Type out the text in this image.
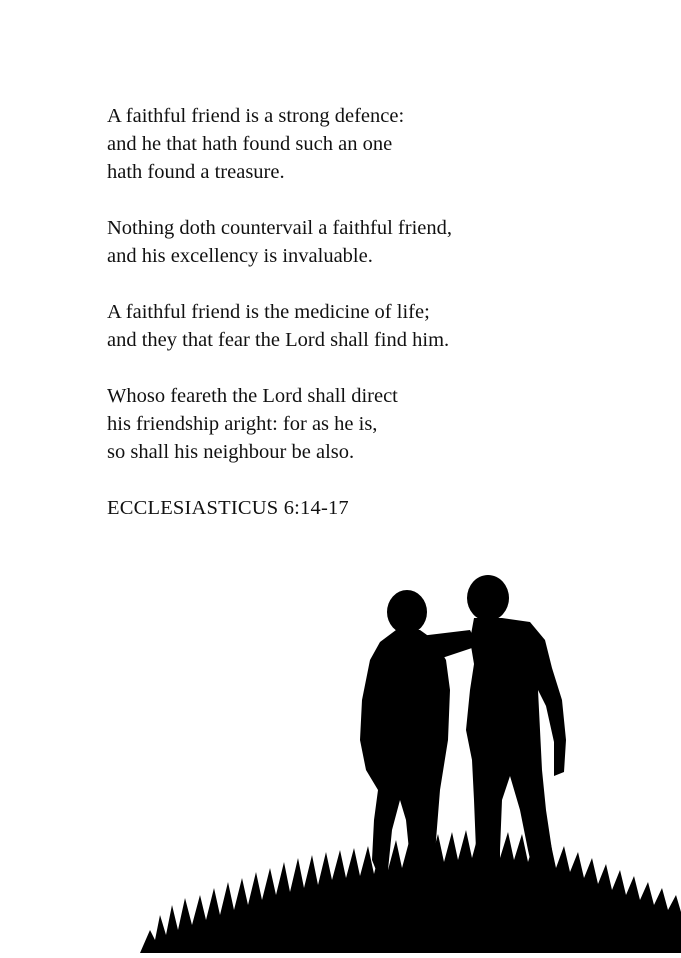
A faithful friend is a strong defence:
and he that hath found such an one
hath found a treasure.
Nothing doth countervail a faithful friend,
and his excellency is invaluable.
A faithful friend is the medicine of life;
and they that fear the Lord shall find him.
Whoso feareth the Lord shall direct
his friendship aright: for as he is,
so shall his neighbour be also.
ECCLESIASTICUS 6:14-17
